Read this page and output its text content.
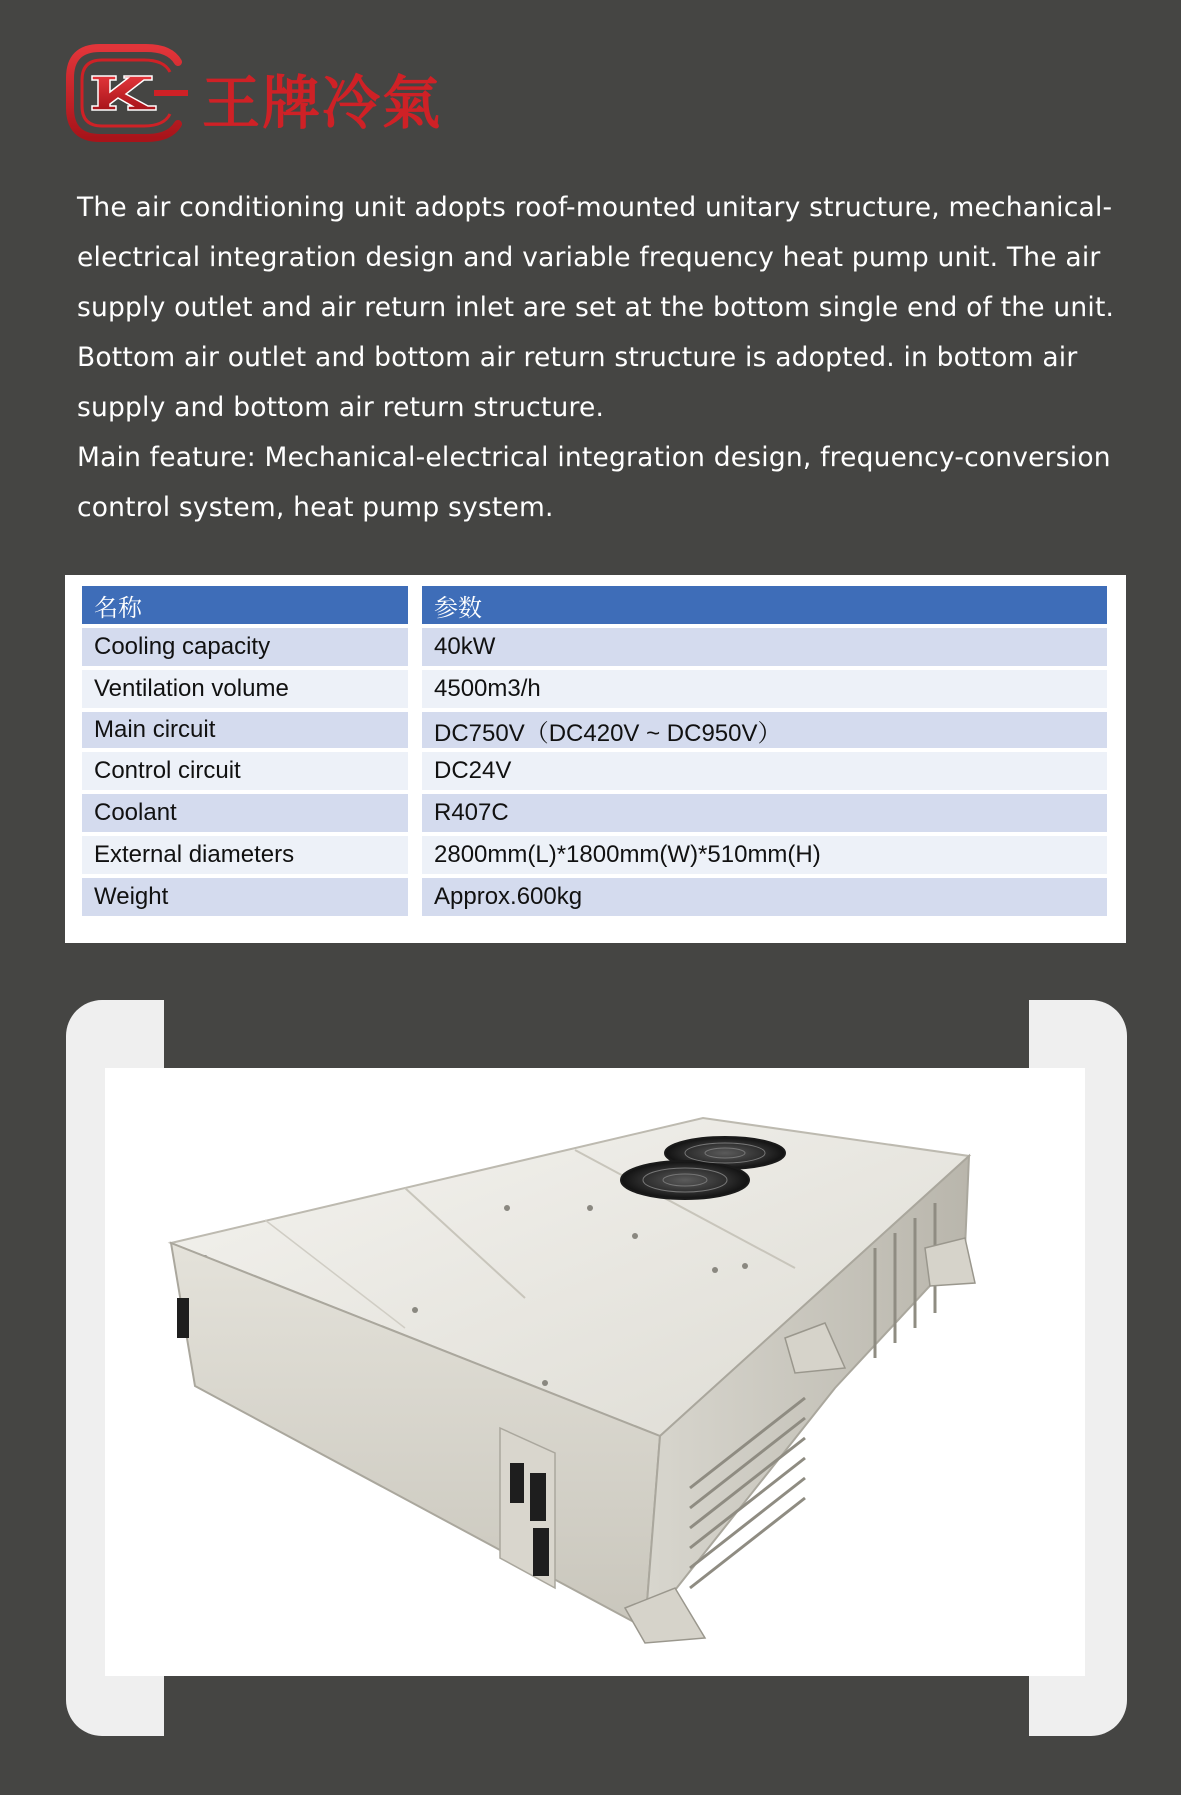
王牌冷氣

The air conditioning unit adopts roof-mounted unitary structure, mechanical-electrical integration design and variable frequency heat pump unit. The air supply outlet and air return inlet are set at the bottom single end of the unit. Bottom air outlet and bottom air return structure is adopted. in bottom air supply and bottom air return structure.

Main feature: Mechanical-electrical integration design, frequency-conversion control system, heat pump system.

名称	参数
Cooling capacity	40kW
Ventilation volume	4500m3/h
Main circuit	DC750V（DC420V ~ DC950V）
Control circuit	DC24V
Coolant	R407C
External diameters	2800mm(L)*1800mm(W)*510mm(H)
Weight	Approx.600kg
